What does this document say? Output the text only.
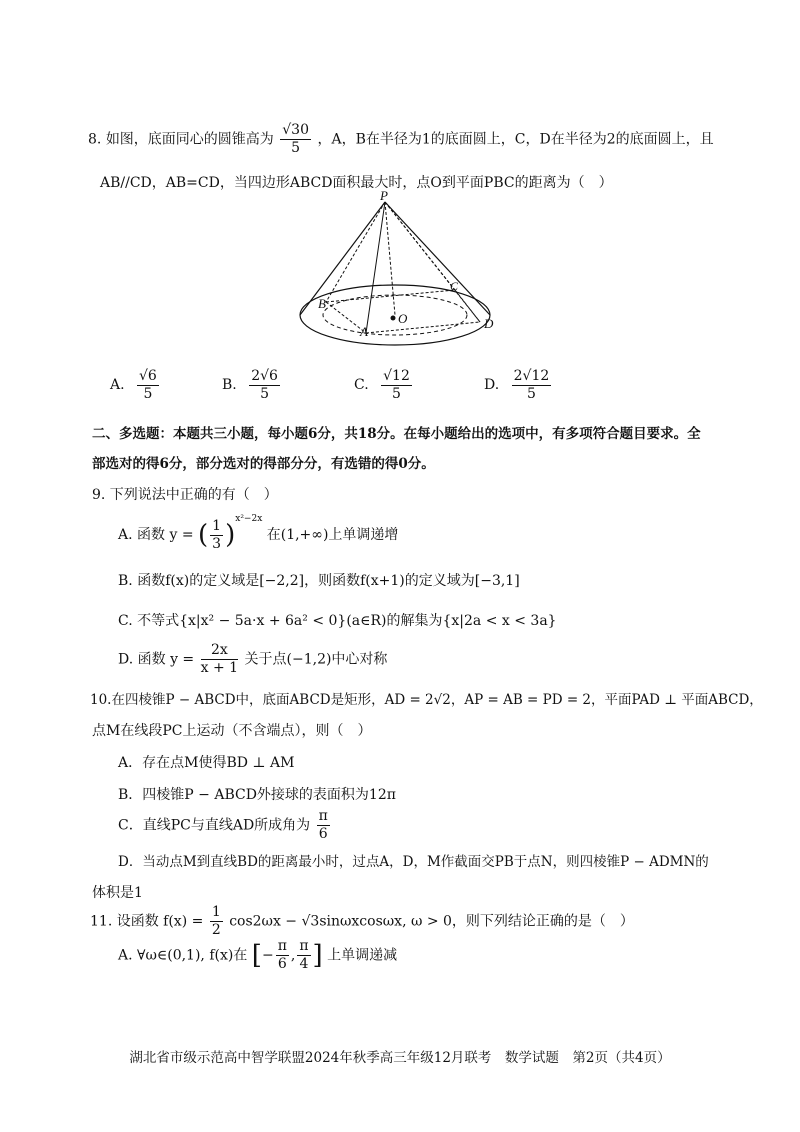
8. 如图，底面同心的圆锥高为 $\frac{√30}{5}$ ，A，B在半径为1的底面圆上，C，D在半径为2的底面圆上，且
AB//CD，AB=CD，当四边形ABCD面积最大时，点O到平面PBC的距离为（　）
P
B
C
D
A
O
A. $\frac{√6}{5}$	B. $\frac{2√6}{5}$	C. $\frac{√12}{5}$	D. $\frac{2√12}{5}$
二、多选题：本题共三小题，每小题6分，共18分。在每小题给出的选项中，有多项符合题目要求。全
部选对的得6分，部分选对的得部分分，有选错的得0分。
9. 下列说法中正确的有（　）
A. 函数 y = ( $\frac{1}{3} )^{x^2-2x}$ 在(1,+∞)上单调递增
B. 函数f(x)的定义域是[−2,2]，则函数f(x+1)的定义域为[−3,1]
C. 不等式{x|x² − 5a·x + 6a² < 0}(a∈R)的解集为{x|2a < x < 3a}
D. 函数 $y = \frac{2x}{x + 1}$ 关于点(−1,2)中心对称
10.在四棱锥P − ABCD中，底面ABCD是矩形，AD = 2√2，AP = AB = PD = 2，平面PAD ⊥ 平面ABCD，
点M在线段PC上运动（不含端点），则（　）
A．存在点M使得BD ⊥ AM
B．四棱锥P − ABCD外接球的表面积为12π
C．直线PC与直线AD所成角为 $\frac{\pi}{6}$
D．当动点M到直线BD的距离最小时，过点A，D，M作截面交PB于点N，则四棱锥P − ADMN的
体积是1
11. 设函数 $f(x) = \frac{1}{2} \cos 2\omega x - √3\sin\omega xcos\omega x$, ω > 0，则下列结论正确的是（　）
A. ∀ω∈(0,1), f(x)在 [− $\frac{\pi}{6}$ , $\frac{\pi}{4}$ ] 上单调递减
湖北省市级示范高中智学联盟2024年秋季高三年级12月联考　数学试题　第2页（共4页）
